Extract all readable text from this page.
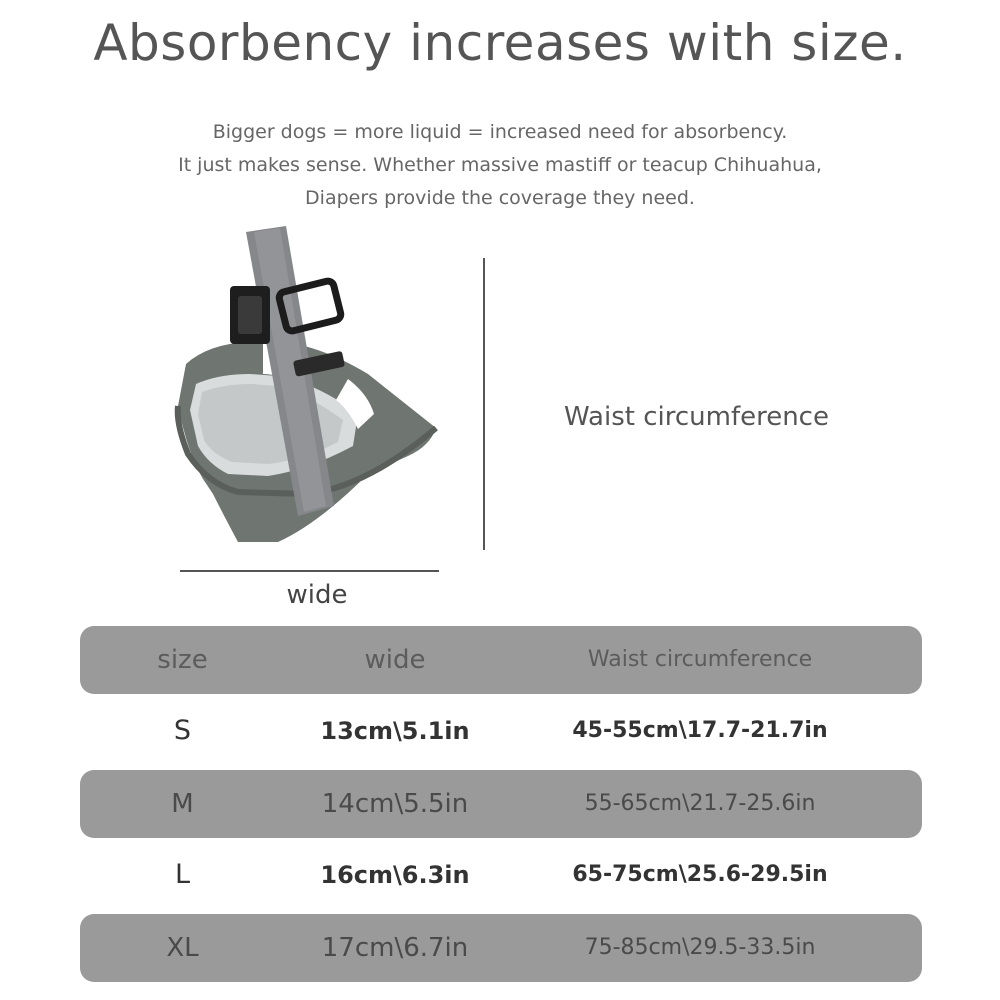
Absorbency increases with size.
Bigger dogs = more liquid = increased need for absorbency.
It just makes sense. Whether massive mastiff or teacup Chihuahua,
Diapers provide the coverage they need.
wide
Waist circumference
size	wide	Waist circumference
S	13cm\5.1in	45-55cm\17.7-21.7in
M	14cm\5.5in	55-65cm\21.7-25.6in
L	16cm\6.3in	65-75cm\25.6-29.5in
XL	17cm\6.7in	75-85cm\29.5-33.5in
